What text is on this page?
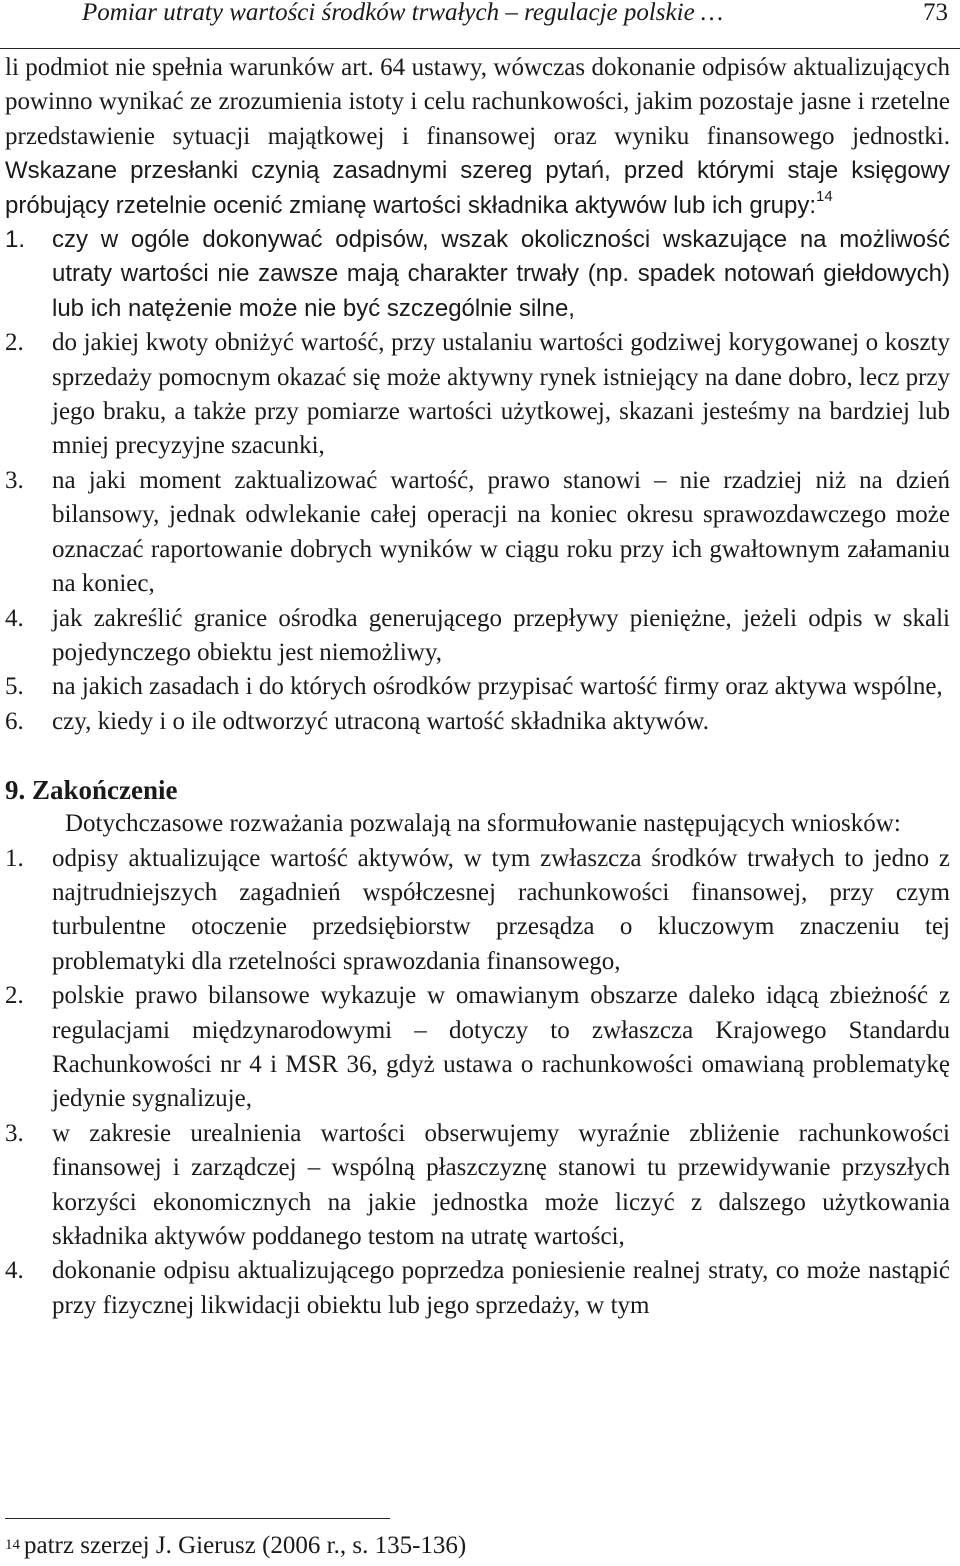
Pomiar utraty wartości środków trwałych – regulacje polskie …	73

li podmiot nie spełnia warunków art. 64 ustawy, wówczas dokonanie odpisów aktualizujących powinno wynikać ze zrozumienia istoty i celu rachunkowości, jakim pozostaje jasne i rzetelne przedstawienie sytuacji majątkowej i finansowej oraz wyniku finansowego jednostki. Wskazane przesłanki czynią zasadnymi szereg pytań, przed którymi staje księgowy próbujący rzetelnie ocenić zmianę wartości składnika aktywów lub ich grupy:$^{14}$

1. czy w ogóle dokonywać odpisów, wszak okoliczności wskazujące na możliwość utraty wartości nie zawsze mają charakter trwały (np. spadek notowań giełdowych) lub ich natężenie może nie być szczególnie silne,
2. do jakiej kwoty obniżyć wartość, przy ustalaniu wartości godziwej korygowanej o koszty sprzedaży pomocnym okazać się może aktywny rynek istniejący na dane dobro, lecz przy jego braku, a także przy pomiarze wartości użytkowej, skazani jesteśmy na bardziej lub mniej precyzyjne szacunki,
3. na jaki moment zaktualizować wartość, prawo stanowi – nie rzadziej niż na dzień bilansowy, jednak odwlekanie całej operacji na koniec okresu sprawozdawczego może oznaczać raportowanie dobrych wyników w ciągu roku przy ich gwałtownym załamaniu na koniec,
4. jak zakreślić granice ośrodka generującego przepływy pieniężne, jeżeli odpis w skali pojedynczego obiektu jest niemożliwy,
5. na jakich zasadach i do których ośrodków przypisać wartość firmy oraz aktywa wspólne,
6. czy, kiedy i o ile odtworzyć utraconą wartość składnika aktywów.
9. Zakończenie

Dotychczasowe rozważania pozwalają na sformułowanie następujących wniosków:

1. odpisy aktualizujące wartość aktywów, w tym zwłaszcza środków trwałych to jedno z najtrudniejszych zagadnień współczesnej rachunkowości finansowej, przy czym turbulentne otoczenie przedsiębiorstw przesądza o kluczowym znaczeniu tej problematyki dla rzetelności sprawozdania finansowego,
2. polskie prawo bilansowe wykazuje w omawianym obszarze daleko idącą zbieżność z regulacjami międzynarodowymi – dotyczy to zwłaszcza Krajowego Standardu Rachunkowości nr 4 i MSR 36, gdyż ustawa o rachunkowości omawianą problematykę jedynie sygnalizuje,
3. w zakresie urealnienia wartości obserwujemy wyraźnie zbliżenie rachunkowości finansowej i zarządczej – wspólną płaszczyznę stanowi tu przewidywanie przyszłych korzyści ekonomicznych na jakie jednostka może liczyć z dalszego użytkowania składnika aktywów poddanego testom na utratę wartości,
4. dokonanie odpisu aktualizującego poprzedza poniesienie realnej straty, co może nastąpić przy fizycznej likwidacji obiektu lub jego sprzedaży, w tym
$^{14}$ patrz szerzej J. Gierusz (2006 r., s. 135-136)
